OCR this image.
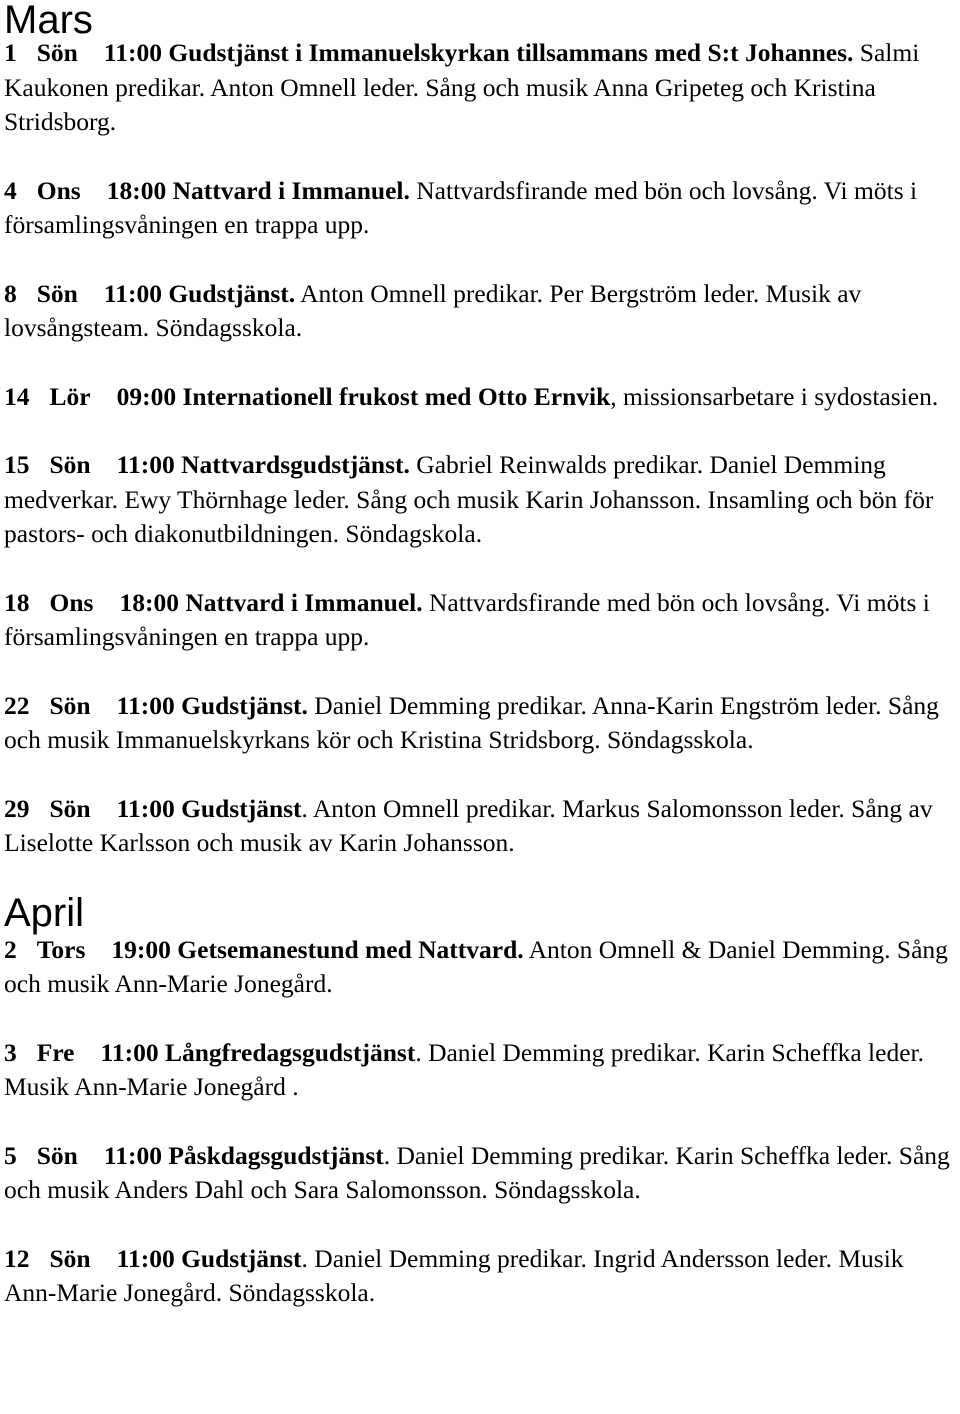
Mars

1 Sön 11:00 Gudstjänst i Immanuelskyrkan tillsammans med S:t Johannes. Salmi Kaukonen predikar. Anton Omnell leder. Sång och musik Anna Gripeteg och Kristina Stridsborg.

4 Ons 18:00 Nattvard i Immanuel. Nattvardsfirande med bön och lovsång. Vi möts i församlingsvåningen en trappa upp.

8 Sön 11:00 Gudstjänst. Anton Omnell predikar. Per Bergström leder. Musik av lovsångsteam. Söndagsskola.

14 Lör 09:00 Internationell frukost med Otto Ernvik, missionsarbetare i sydostasien.

15 Sön 11:00 Nattvardsgudstjänst. Gabriel Reinwalds predikar. Daniel Demming medverkar. Ewy Thörnhage leder. Sång och musik Karin Johansson. Insamling och bön för pastors- och diakonutbildningen. Söndagskola.

18 Ons 18:00 Nattvard i Immanuel. Nattvardsfirande med bön och lovsång. Vi möts i församlingsvåningen en trappa upp.

22 Sön 11:00 Gudstjänst. Daniel Demming predikar. Anna-Karin Engström leder. Sång och musik Immanuelskyrkans kör och Kristina Stridsborg. Söndagsskola.

29 Sön 11:00 Gudstjänst. Anton Omnell predikar. Markus Salomonsson leder. Sång av Liselotte Karlsson och musik av Karin Johansson.

April

2 Tors 19:00 Getsemanestund med Nattvard. Anton Omnell & Daniel Demming. Sång och musik Ann-Marie Jonegård.

3 Fre 11:00 Långfredagsgudstjänst. Daniel Demming predikar. Karin Scheffka leder. Musik Ann-Marie Jonegård .

5 Sön 11:00 Påskdagsgudstjänst. Daniel Demming predikar. Karin Scheffka leder. Sång och musik Anders Dahl och Sara Salomonsson. Söndagsskola.

12 Sön 11:00 Gudstjänst. Daniel Demming predikar. Ingrid Andersson leder. Musik Ann-Marie Jonegård. Söndagsskola.
